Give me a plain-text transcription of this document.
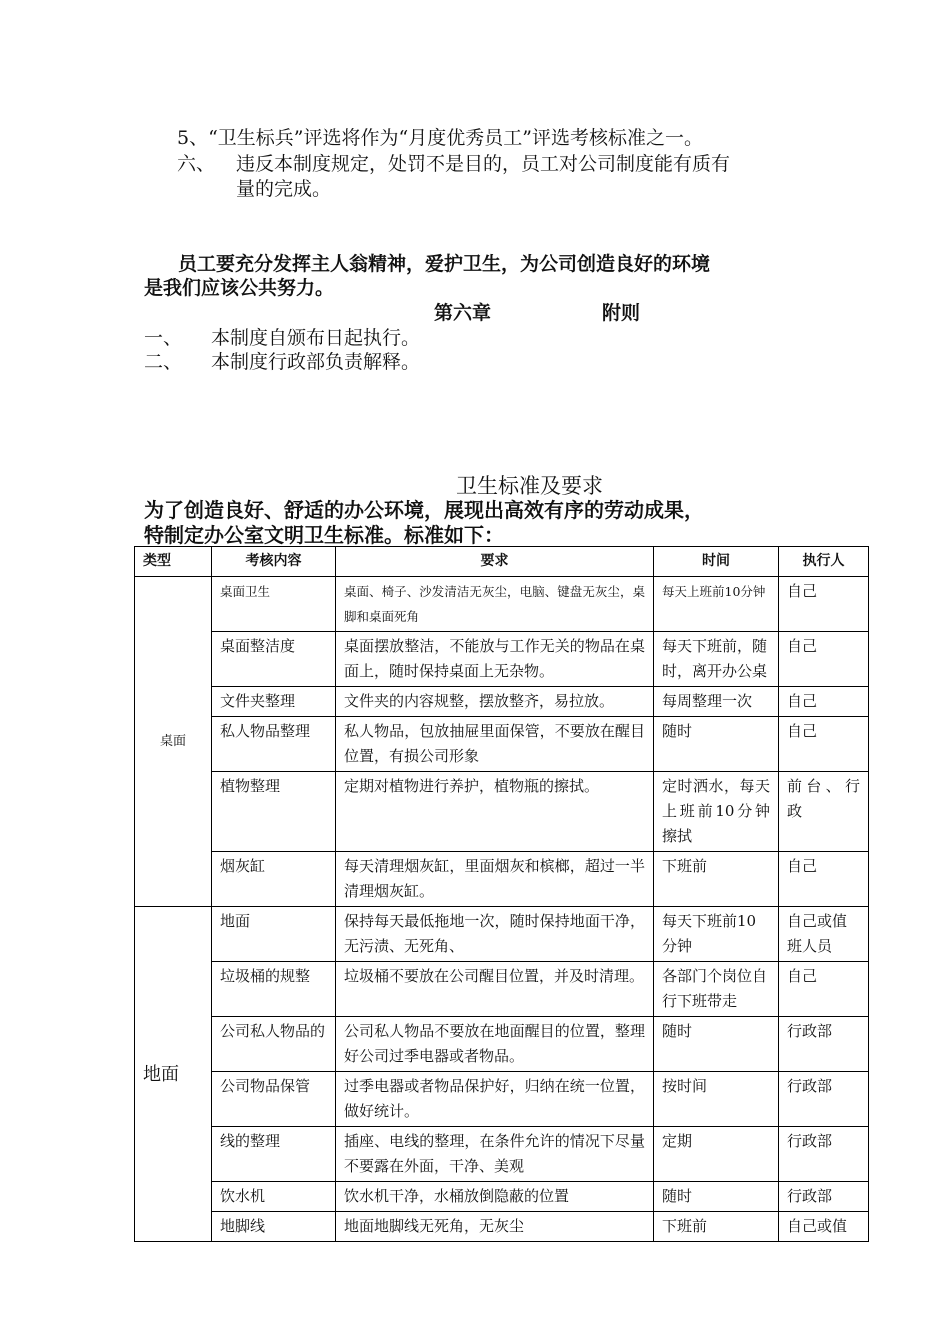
5、“卫生标兵”评选将作为“月度优秀员工”评选考核标准之一。
六、 违反本制度规定，处罚不是目的，员工对公司制度能有质有
量的完成。
员工要充分发挥主人翁精神，爱护卫生，为公司创造良好的环境
是我们应该公共努力。
第六章	附则
一、 本制度自颁布日起执行。
二、 本制度行政部负责解释。
卫生标准及要求
为了创造良好、舒适的办公环境，展现出高效有序的劳动成果，
特制定办公室文明卫生标准。标准如下：
类型	考核内容	要求	时间	执行人
桌面	桌面卫生	桌面、椅子、沙发清洁无灰尘，电脑、键盘无灰尘，桌脚和桌面死角	每天上班前10分钟	自己
	桌面整洁度	桌面摆放整洁，不能放与工作无关的物品在桌面上，随时保持桌面上无杂物。	每天下班前，随时，离开办公桌	自己
	文件夹整理	文件夹的内容规整，摆放整齐，易拉放。	每周整理一次	自己
	私人物品整理	私人物品，包放抽屉里面保管，不要放在醒目位置，有损公司形象	随时	自己
	植物整理	定期对植物进行养护，植物瓶的擦拭。	定时洒水，每天上班前10分钟擦拭	前台、行政
	烟灰缸	每天清理烟灰缸，里面烟灰和槟榔，超过一半清理烟灰缸。	下班前	自己
地面	地面	保持每天最低拖地一次，随时保持地面干净，无污渍、无死角、	每天下班前10分钟	自己或值班人员
	垃圾桶的规整	垃圾桶不要放在公司醒目位置，并及时清理。	各部门个岗位自行下班带走	自己
	公司私人物品的	公司私人物品不要放在地面醒目的位置，整理好公司过季电器或者物品。	随时	行政部
	公司物品保管	过季电器或者物品保护好，归纳在统一位置，做好统计。	按时间	行政部
	线的整理	插座、电线的整理，在条件允许的情况下尽量不要露在外面，干净、美观	定期	行政部
	饮水机	饮水机干净，水桶放倒隐蔽的位置	随时	行政部
	地脚线	地面地脚线无死角，无灰尘	下班前	自己或值
